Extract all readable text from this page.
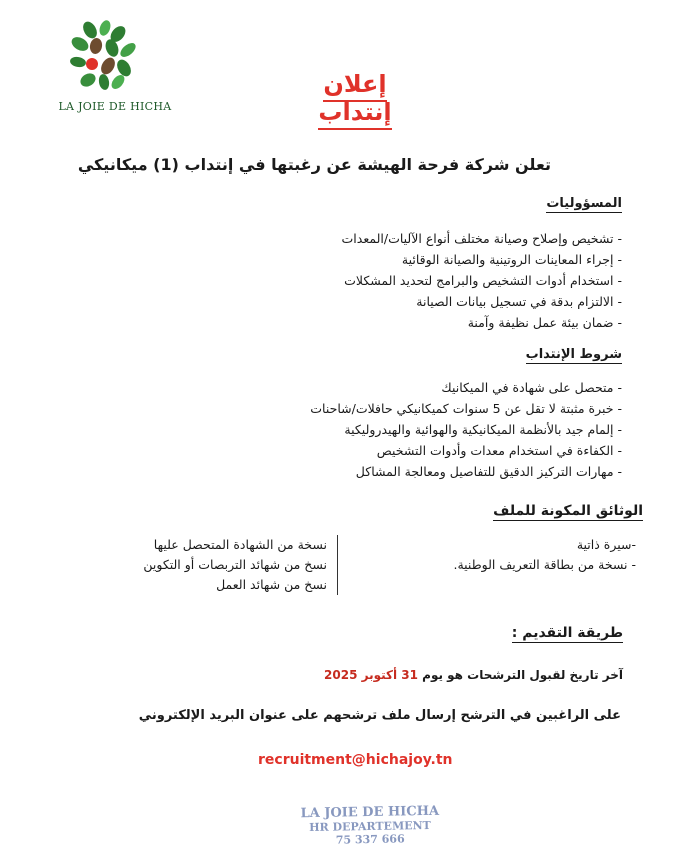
LA JOIE DE HICHA
إعلان إنتداب
تعلن شركة فرحة الهيشة عن رغبتها في إنتداب (1) ميكانيكي
المسؤوليات
- تشخيص وإصلاح وصيانة مختلف أنواع الآليات/المعدات
- إجراء المعاينات الروتينية والصيانة الوقائية
- استخدام أدوات التشخيص والبرامج لتحديد المشكلات
- الالتزام بدقة في تسجيل بيانات الصيانة
- ضمان بيئة عمل نظيفة وآمنة
شروط الإنتداب
- متحصل على شهادة في الميكانيك
- خبرة مثبتة لا تقل عن 5 سنوات كميكانيكي حافلات/شاحنات
- إلمام جيد بالأنظمة الميكانيكية والهوائية والهيدروليكية
- الكفاءة في استخدام معدات وأدوات التشخيص
- مهارات التركيز الدقيق للتفاصيل ومعالجة المشاكل
الوثائق المكونة للملف
-سيرة ذاتية
- نسخة من بطاقة التعريف الوطنية.
نسخة من الشهادة المتحصل عليها
نسخ من شهائد التربصات أو التكوين
نسخ من شهائد العمل
طريقة التقديم :
آخر تاريخ لقبول الترشحات هو يوم 31 أكتوبر 2025
على الراغبين في الترشح إرسال ملف ترشحهم على عنوان البريد الإلكتروني
recruitment@hichajoy.tn
LA JOIE DE HICHA
HR DEPARTEMENT
75 337 666
